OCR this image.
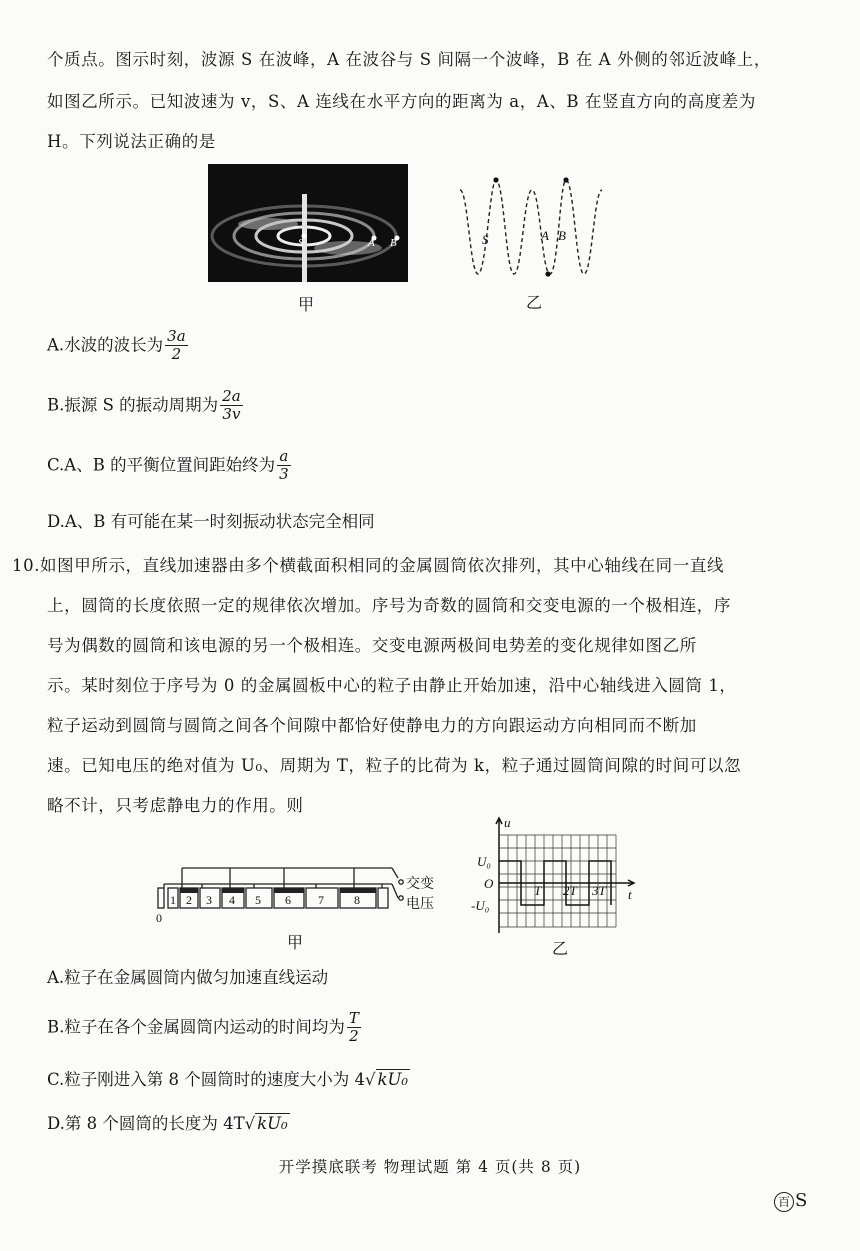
个质点。图示时刻，波源 S 在波峰，A 在波谷与 S 间隔一个波峰，B 在 A 外侧的邻近波峰上，
如图乙所示。已知波速为 v，S、A 连线在水平方向的距离为 a，A、B 在竖直方向的高度差为
H。下列说法正确的是
S	A B
甲
S	A B
乙
A.水波的波长为 $\frac{3a}{2}$
B.振源 S 的振动周期为 $\frac{2a}{3v}$
C.A、B 的平衡位置间距始终为 $\frac{a}{3}$
D.A、B 有可能在某一时刻振动状态完全相同
10.如图甲所示，直线加速器由多个横截面积相同的金属圆筒依次排列，其中心轴线在同一直线
上，圆筒的长度依照一定的规律依次增加。序号为奇数的圆筒和交变电源的一个极相连，序
号为偶数的圆筒和该电源的另一个极相连。交变电源两极间电势差的变化规律如图乙所
示。某时刻位于序号为 0 的金属圆板中心的粒子由静止开始加速，沿中心轴线进入圆筒 1，
粒子运动到圆筒与圆筒之间各个间隙中都恰好使静电力的方向跟运动方向相同而不断加
速。已知电压的绝对值为 U₀、周期为 T，粒子的比荷为 k，粒子通过圆筒间隙的时间可以忽
略不计，只考虑静电力的作用。则
1 2 3 4 5 6 7	8
0
交变
电压
甲
u
t
U₀
O
-U₀
T 2T 3T
乙
A.粒子在金属圆筒内做匀加速直线运动
B.粒子在各个金属圆筒内运动的时间均为 $\frac{T}{2}$
C.粒子刚进入第 8 个圆筒时的速度大小为 4√ kU₀
D.第 8 个圆筒的长度为 4T√ kU₀
开学摸底联考 物理试题 第 4 页(共 8 页)
百 S
